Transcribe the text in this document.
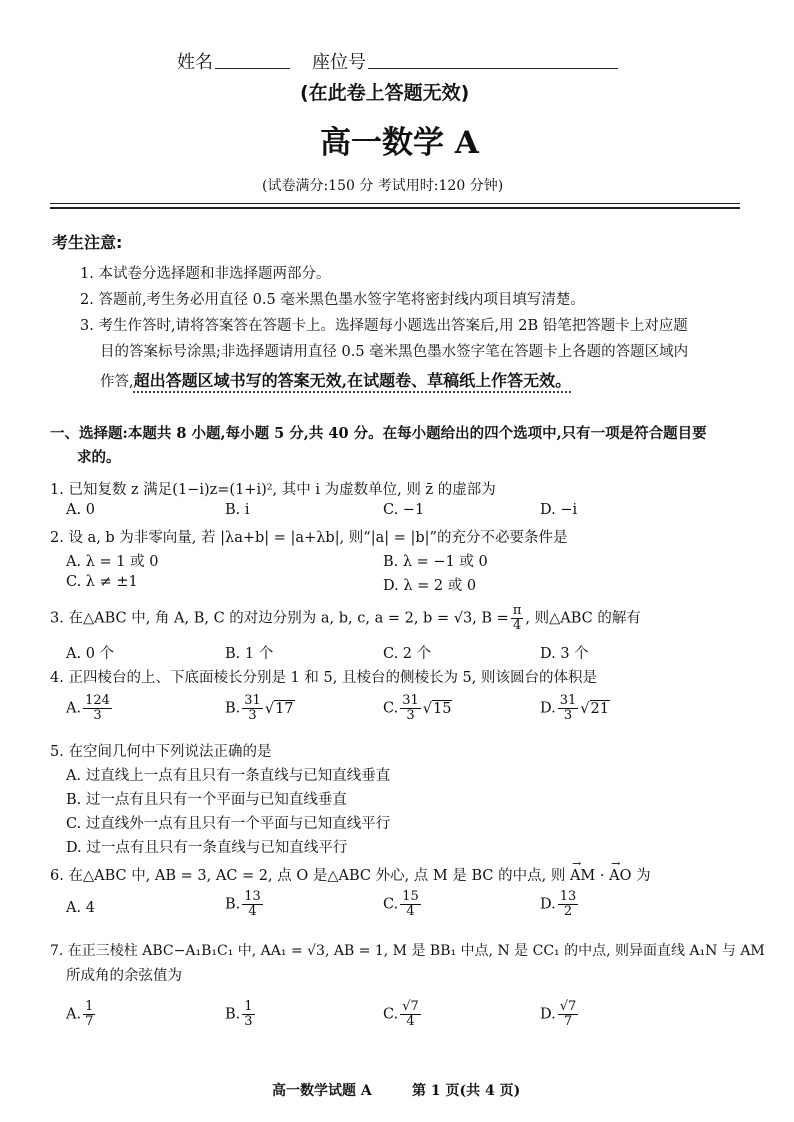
姓名	座位号
(在此卷上答题无效)
高一数学 A
(试卷满分:150 分 考试用时:120 分钟)
考生注意:
1. 本试卷分选择题和非选择题两部分。
2. 答题前,考生务必用直径 0.5 毫米黑色墨水签字笔将密封线内项目填写清楚。
3. 考生作答时,请将答案答在答题卡上。选择题每小题选出答案后,用 2B 铅笔把答题卡上对应题
目的答案标号涂黑;非选择题请用直径 0.5 毫米黑色墨水签字笔在答题卡上各题的答题区域内
作答,超出答题区域书写的答案无效,在试题卷、草稿纸上作答无效。
一、选择题:本题共 8 小题,每小题 5 分,共 40 分。在每小题给出的四个选项中,只有一项是符合题目要
求的。
1. 已知复数 z 满足(1−i)z=(1+i)², 其中 i 为虚数单位, 则 z̄ 的虚部为
A. 0	B. i	C. −1	D. −i
2. 设 a, b 为非零向量, 若 |λa+b| = |a+λb|, 则“|a| = |b|”的充分不必要条件是
A. λ = 1 或 0	B. λ = −1 或 0
C. λ ≠ ±1	D. λ = 2 或 0
3. 在△ABC 中, 角 A, B, C 的对边分别为 a, b, c, a = 2, b = √3, $B = \frac{\pi}{4}$ , 则△ABC 的解有
A. 0 个	B. 1 个	C. 2 个	D. 3 个
4. 正四棱台的上、下底面棱长分别是 1 和 5, 且棱台的侧棱长为 5, 则该圆台的体积是
A. $\frac{124}{3}$	B. $\frac{31}{3} √17$	C. $\frac{31}{3} √15$	D. $\frac{31}{3} √21$
5. 在空间几何中下列说法正确的是
A. 过直线上一点有且只有一条直线与已知直线垂直
B. 过一点有且只有一个平面与已知直线垂直
C. 过直线外一点有且只有一个平面与已知直线平行
D. 过一点有且只有一条直线与已知直线平行
6. 在△ABC 中, AB = 3, AC = 2, 点 O 是△ABC 外心, 点 M 是 BC 的中点, 则 → AM · → AO 为
A. 4	B. $\frac{13}{4}$	C. $\frac{15}{4}$	D. $\frac{13}{2}$
7. 在正三棱柱 ABC−A₁B₁C₁ 中, AA₁ = √3, AB = 1, M 是 BB₁ 中点, N 是 CC₁ 的中点, 则异面直线 A₁N 与 AM
所成角的余弦值为
A. $\frac{1}{7}$	B. $\frac{1}{3}$	C. $\frac{√7}{4}$	D. $\frac{√7}{7}$
高一数学试题 A	第 1 页(共 4 页)
